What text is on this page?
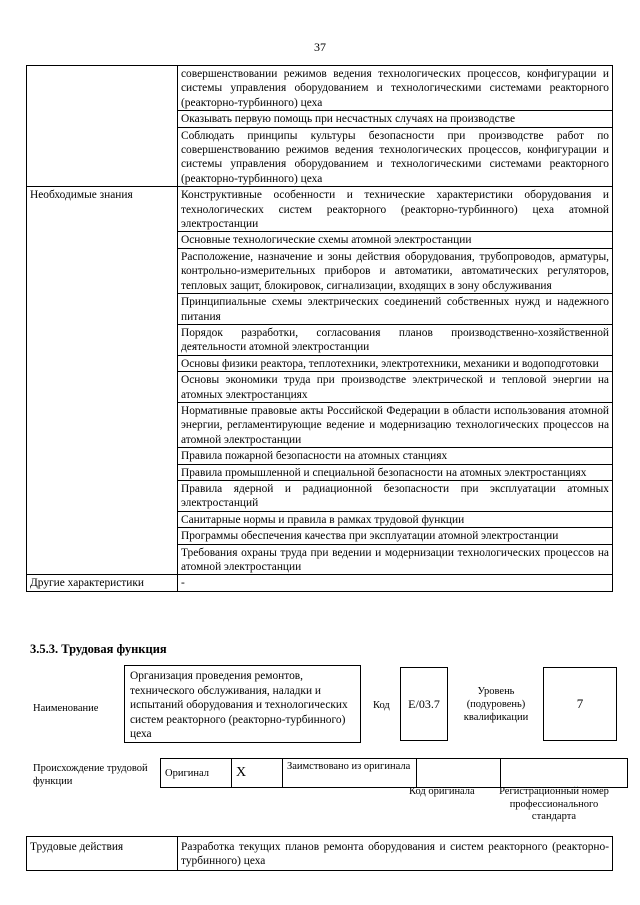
37
	совершенствовании режимов ведения технологических процессов, конфигурации и системы управления оборудованием и технологическими системами реакторного (реакторно-турбинного) цеха
	Оказывать первую помощь при несчастных случаях на производстве
	Соблюдать принципы культуры безопасности при производстве работ по совершенствованию режимов ведения технологических процессов, конфигурации и системы управления оборудованием и технологическими системами реакторного (реакторно-турбинного) цеха
Необходимые знания	Конструктивные особенности и технические характеристики оборудования и технологических систем реакторного (реакторно-турбинного) цеха атомной электростанции
	Основные технологические схемы атомной электростанции
	Расположение, назначение и зоны действия оборудования, трубопроводов, арматуры, контрольно-измерительных приборов и автоматики, автоматических регуляторов, тепловых защит, блокировок, сигнализации, входящих в зону обслуживания
	Принципиальные схемы электрических соединений собственных нужд и надежного питания
	Порядок разработки, согласования планов производственно-хозяйственной деятельности атомной электростанции
	Основы физики реактора, теплотехники, электротехники, механики и водоподготовки
	Основы экономики труда при производстве электрической и тепловой энергии на атомных электростанциях
	Нормативные правовые акты Российской Федерации в области использования атомной энергии, регламентирующие ведение и модернизацию технологических процессов на атомной электростанции
	Правила пожарной безопасности на атомных станциях
	Правила промышленной и специальной безопасности на атомных электростанциях
	Правила ядерной и радиационной безопасности при эксплуатации атомных электростанций
	Санитарные нормы и правила в рамках трудовой функции
	Программы обеспечения качества при эксплуатации атомной электростанции
	Требования охраны труда при ведении и модернизации технологических процессов на атомной электростанции
Другие характеристики	-
3.5.3. Трудовая функция
Наименование
Организация проведения ремонтов, технического обслуживания, наладки и испытаний оборудования и технологических систем реакторного (реакторно-турбинного) цеха
Код	E/03.7
Уровень (подуровень) квалификации
7
Происхождение трудовой функции
Оригинал	X	Заимствовано из оригинала		
Код оригинала	Регистрационный номер профессионального стандарта
Трудовые действия	Разработка текущих планов ремонта оборудования и систем реакторного (реакторно-турбинного) цеха
